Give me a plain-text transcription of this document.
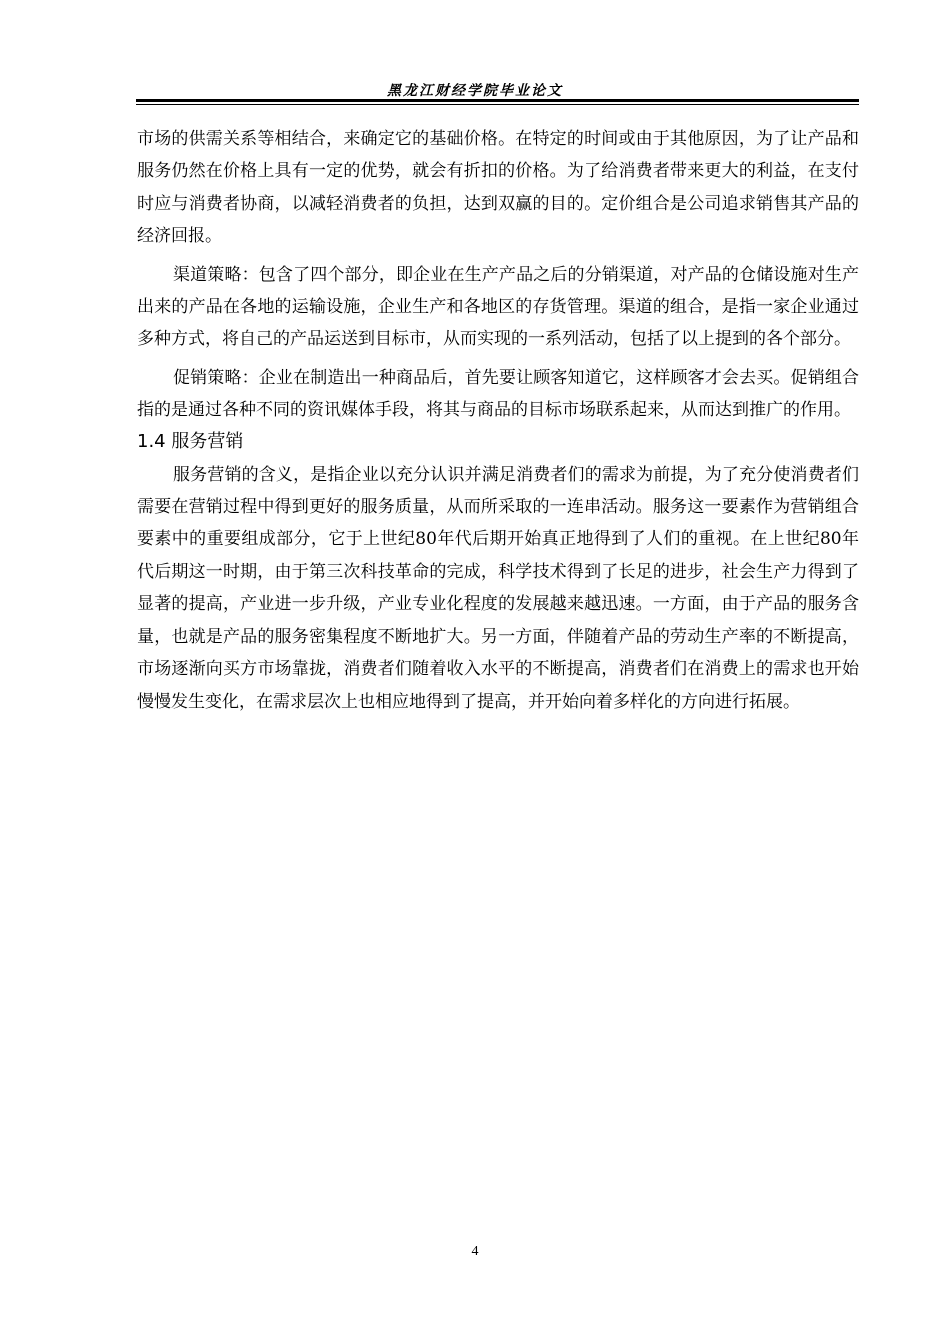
黑龙江财经学院毕业论文

市场的供需关系等相结合，来确定它的基础价格。在特定的时间或由于其他原因，为了让产品和服务仍然在价格上具有一定的优势，就会有折扣的价格。为了给消费者带来更大的利益，在支付时应与消费者协商，以减轻消费者的负担，达到双赢的目的。定价组合是公司追求销售其产品的经济回报。

渠道策略：包含了四个部分，即企业在生产产品之后的分销渠道，对产品的仓储设施对生产出来的产品在各地的运输设施，企业生产和各地区的存货管理。渠道的组合，是指一家企业通过多种方式，将自己的产品运送到目标市，从而实现的一系列活动，包括了以上提到的各个部分。

促销策略：企业在制造出一种商品后，首先要让顾客知道它，这样顾客才会去买。促销组合指的是通过各种不同的资讯媒体手段，将其与商品的目标市场联系起来，从而达到推广的作用。

1.4 服务营销

服务营销的含义，是指企业以充分认识并满足消费者们的需求为前提，为了充分使消费者们需要在营销过程中得到更好的服务质量，从而所采取的一连串活动。服务这一要素作为营销组合要素中的重要组成部分，它于上世纪80年代后期开始真正地得到了人们的重视。在上世纪80年代后期这一时期，由于第三次科技革命的完成，科学技术得到了长足的进步，社会生产力得到了显著的提高，产业进一步升级，产业专业化程度的发展越来越迅速。一方面，由于产品的服务含量，也就是产品的服务密集程度不断地扩大。另一方面，伴随着产品的劳动生产率的不断提高，市场逐渐向买方市场靠拢，消费者们随着收入水平的不断提高，消费者们在消费上的需求也开始慢慢发生变化，在需求层次上也相应地得到了提高，并开始向着多样化的方向进行拓展。

4
